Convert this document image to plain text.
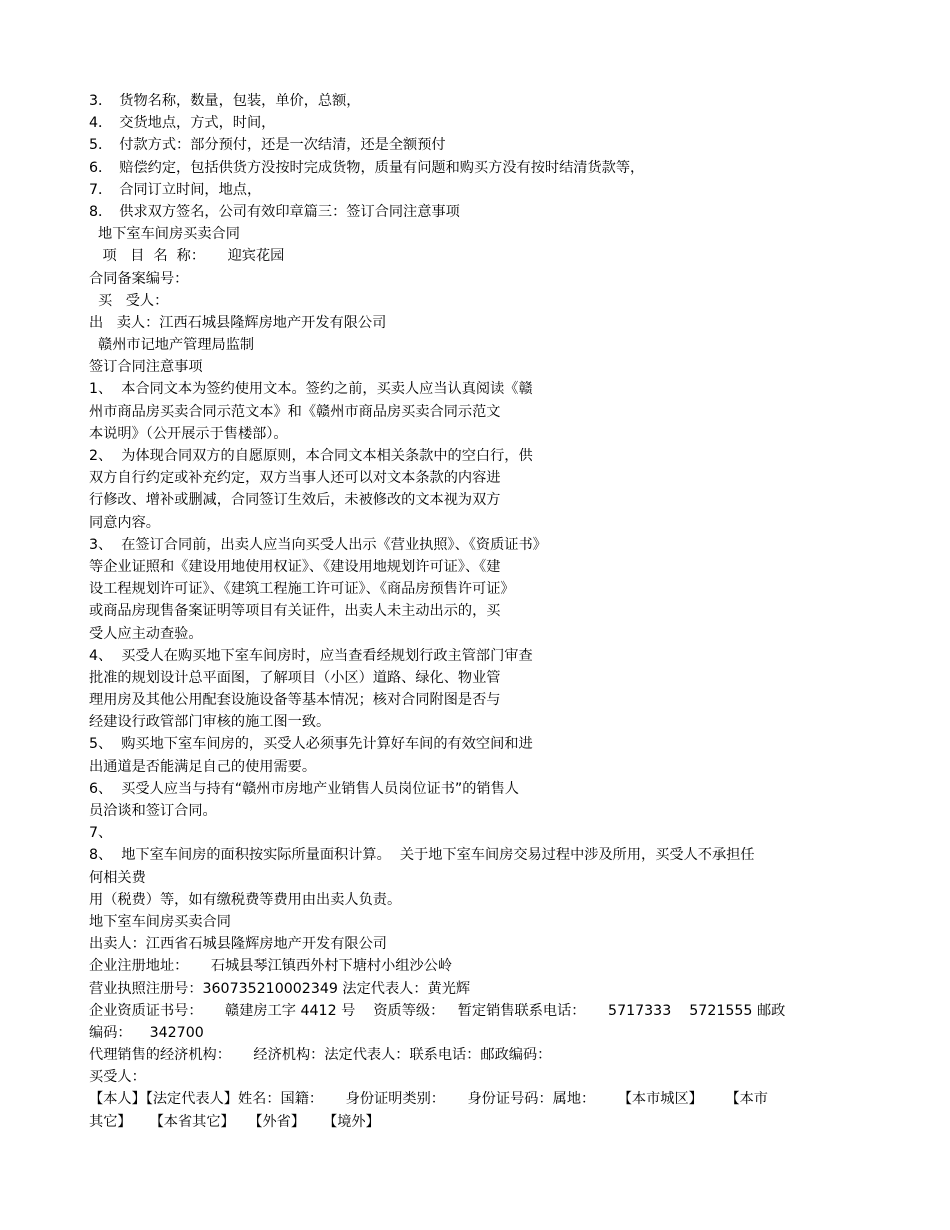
3．　货物名称，数量，包装，单价，总额，

4．　交货地点，方式，时间，

5．　付款方式：部分预付，还是一次结清，还是全额预付

6．　赔偿约定，包括供货方没按时完成货物，质量有问题和购买方没有按时结清货款等，

7．　合同订立时间，地点，

8．　供求双方签名，公司有效印章篇三：签订合同注意事项

地下室车间房买卖合同

项   目  名  称：     迎宾花园

合同备案编号：

买   受人：

出   卖人：江西石城县隆辉房地产开发有限公司

赣州市记地产管理局监制

签订合同注意事项

1、  本合同文本为签约使用文本。签约之前，买卖人应当认真阅读《赣

州市商品房买卖合同示范文本》和《赣州市商品房买卖合同示范文

本说明》（公开展示于售楼部）。

2、  为体现合同双方的自愿原则，本合同文本相关条款中的空白行，供

双方自行约定或补充约定，双方当事人还可以对文本条款的内容进

行修改、增补或删减，合同签订生效后，未被修改的文本视为双方

同意内容。

3、  在签订合同前，出卖人应当向买受人出示《营业执照》、《资质证书》

等企业证照和《建设用地使用权证》、《建设用地规划许可证》、《建

设工程规划许可证》、《建筑工程施工许可证》、《商品房预售许可证》

或商品房现售备案证明等项目有关证件，出卖人未主动出示的，买

受人应主动查验。

4、  买受人在购买地下室车间房时，应当查看经规划行政主管部门审查

批准的规划设计总平面图，了解项目（小区）道路、绿化、物业管

理用房及其他公用配套设施设备等基本情况；核对合同附图是否与

经建设行政管部门审核的施工图一致。

5、  购买地下室车间房的，买受人必须事先计算好车间的有效空间和进

出通道是否能满足自己的使用需要。

6、  买受人应当与持有“赣州市房地产业销售人员岗位证书”的销售人

员洽谈和签订合同。

7、

8、  地下室车间房的面积按实际所量面积计算。  关于地下室车间房交易过程中涉及所用，买受人不承担任

何相关费

用（税费）等，如有缴税费等费用由出卖人负责。

地下室车间房买卖合同

出卖人：江西省石城县隆辉房地产开发有限公司

企业注册地址：     石城县琴江镇西外村下塘村小组沙公岭

营业执照注册号：360735210002349 法定代表人：黄光辉

企业资质证书号：     赣建房工字 4412 号    资质等级：   暂定销售联系电话：     5717333    5721555 邮政

编码：    342700

代理销售的经济机构：     经济机构：法定代表人：联系电话：邮政编码：

买受人：

【本人】【法定代表人】姓名：国籍：     身份证明类别：     身份证号码：属地：     【本市城区】     【本市

其它】    【本省其它】   【外省】    【境外】
